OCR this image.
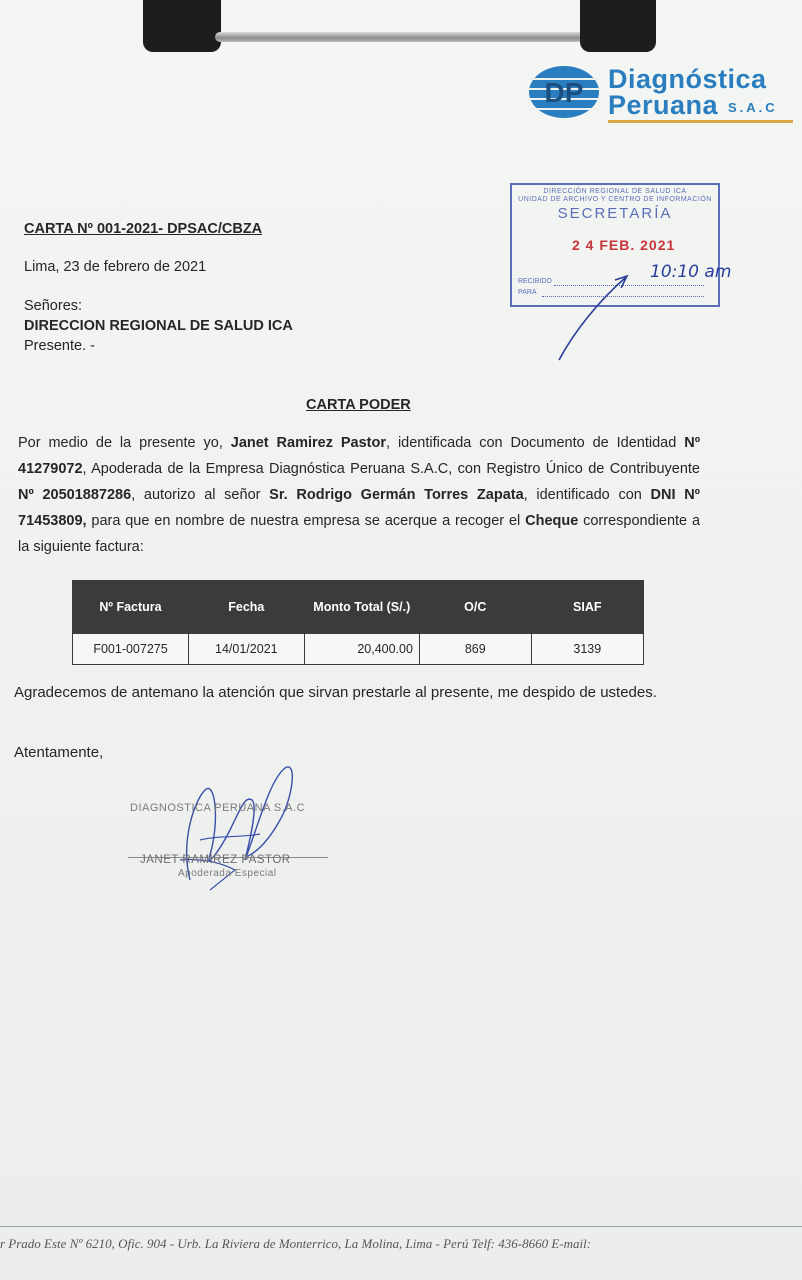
DP Diagnóstica
Peruana S.A.C
DIRECCIÓN REGIONAL DE SALUD ICA
UNIDAD DE ARCHIVO Y CENTRO DE INFORMACIÓN
SECRETARÍA
2 4 FEB. 2021
RECIBIDO
PARA
10:10 am
CARTA Nº 001-2021- DPSAC/CBZA
Lima, 23 de febrero de 2021
Señores:
DIRECCION REGIONAL DE SALUD ICA
Presente. -
CARTA PODER
Por medio de la presente yo, Janet Ramirez Pastor, identificada con Documento de Identidad Nº 41279072, Apoderada de la Empresa Diagnóstica Peruana S.A.C, con Registro Único de Contribuyente Nº 20501887286, autorizo al señor Sr. Rodrigo Germán Torres Zapata, identificado con DNI Nº 71453809, para que en nombre de nuestra empresa se acerque a recoger el Cheque correspondiente a la siguiente factura:
Nº Factura	Fecha	Monto Total (S/.)	O/C	SIAF
F001-007275	14/01/2021	20,400.00	869	3139
Agradecemos de antemano la atención que sirvan prestarle al presente, me despido de ustedes.
Atentamente,
DIAGNOSTICA PERUANA S.A.C
JANET RAMIREZ PASTOR
Apoderada Especial
r Prado Este Nº 6210, Ofic. 904 - Urb. La Riviera de Monterrico, La Molina, Lima - Perú Telf: 436-8660 E-mail:
